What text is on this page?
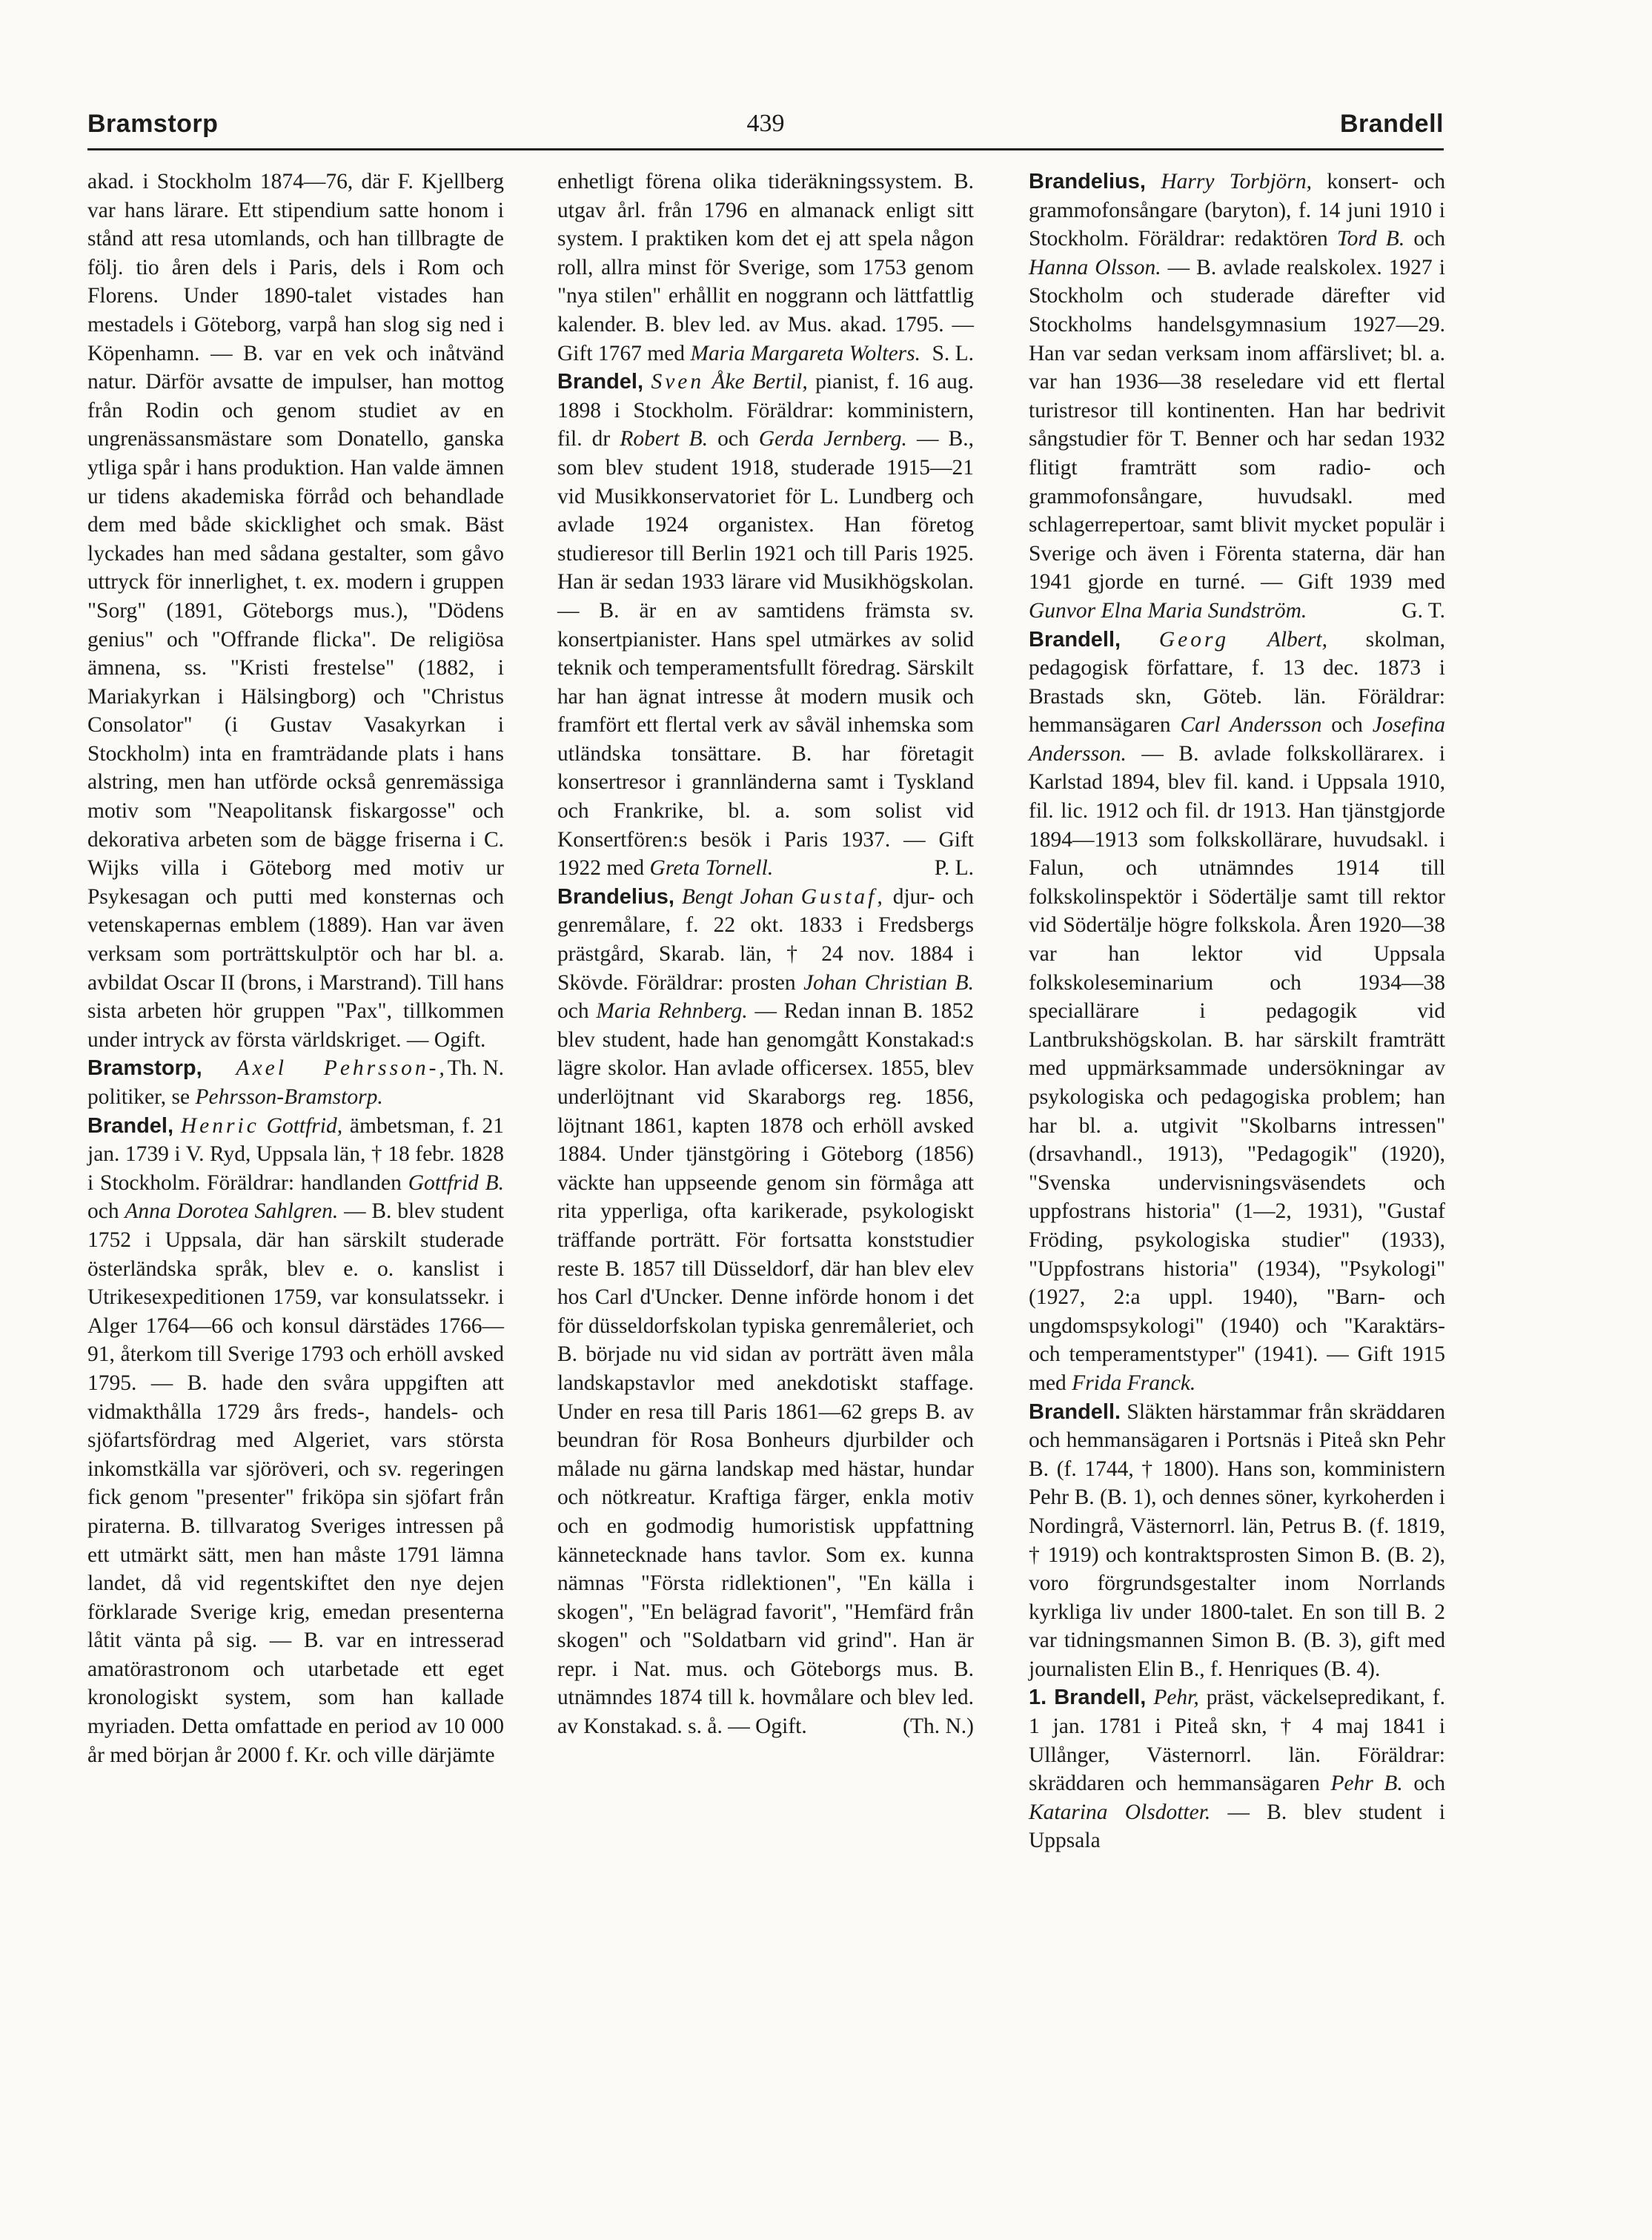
Bramstorp	439	Brandell

akad. i Stockholm 1874—76, där F. Kjellberg var hans lärare. Ett stipendium satte honom i stånd att resa utomlands, och han tillbragte de följ. tio åren dels i Paris, dels i Rom och Florens. Under 1890-talet vistades han mestadels i Göteborg, varpå han slog sig ned i Köpenhamn. — B. var en vek och inåtvänd natur. Därför avsatte de impulser, han mottog från Rodin och genom studiet av en ungrenässansmästare som Donatello, ganska ytliga spår i hans produktion. Han valde ämnen ur tidens akademiska förråd och behandlade dem med både skicklighet och smak. Bäst lyckades han med sådana gestalter, som gåvo uttryck för innerlighet, t. ex. modern i gruppen "Sorg" (1891, Göteborgs mus.), "Dödens genius" och "Offrande flicka". De religiösa ämnena, ss. "Kristi frestelse" (1882, i Mariakyrkan i Hälsingborg) och "Christus Consolator" (i Gustav Vasakyrkan i Stockholm) inta en framträdande plats i hans alstring, men han utförde också genremässiga motiv som "Neapolitansk fiskargosse" och dekorativa arbeten som de bägge friserna i C. Wijks villa i Göteborg med motiv ur Psykesagan och putti med konsternas och vetenskapernas emblem (1889). Han var även verksam som porträttskulptör och har bl. a. avbildat Oscar II (brons, i Marstrand). Till hans sista arbeten hör gruppen "Pax", tillkommen under intryck av första världskriget. — Ogift.
Th. N.

Bramstorp, Axel Pehrsson-, politiker, se Pehrsson-Bramstorp.

Brandel, Henric Gottfrid, ämbetsman, f. 21 jan. 1739 i V. Ryd, Uppsala län, † 18 febr. 1828 i Stockholm. Föräldrar: handlanden Gottfrid B. och Anna Dorotea Sahlgren. — B. blev student 1752 i Uppsala, där han särskilt studerade österländska språk, blev e. o. kanslist i Utrikesexpeditionen 1759, var konsulatssekr. i Alger 1764—66 och konsul därstädes 1766—91, återkom till Sverige 1793 och erhöll avsked 1795. — B. hade den svåra uppgiften att vidmakthålla 1729 års freds-, handels- och sjöfartsfördrag med Algeriet, vars största inkomstkälla var sjöröveri, och sv. regeringen fick genom "presenter" friköpa sin sjöfart från piraterna. B. tillvaratog Sveriges intressen på ett utmärkt sätt, men han måste 1791 lämna landet, då vid regentskiftet den nye dejen förklarade Sverige krig, emedan presenterna låtit vänta på sig. — B. var en intresserad amatörastronom och utarbetade ett eget kronologiskt system, som han kallade myriaden. Detta omfattade en period av 10 000 år med början år 2000 f. Kr. och ville därjämte

enhetligt förena olika tideräkningssystem. B. utgav årl. från 1796 en almanack enligt sitt system. I praktiken kom det ej att spela någon roll, allra minst för Sverige, som 1753 genom "nya stilen" erhållit en noggrann och lättfattlig kalender. B. blev led. av Mus. akad. 1795. — Gift 1767 med Maria Margareta Wolters. S. L.

Brandel, Sven Åke Bertil, pianist, f. 16 aug. 1898 i Stockholm. Föräldrar: komministern, fil. dr Robert B. och Gerda Jernberg. — B., som blev student 1918, studerade 1915—21 vid Musikkonservatoriet för L. Lundberg och avlade 1924 organistex. Han företog studieresor till Berlin 1921 och till Paris 1925. Han är sedan 1933 lärare vid Musikhögskolan. — B. är en av samtidens främsta sv. konsertpianister. Hans spel utmärkes av solid teknik och temperamentsfullt föredrag. Särskilt har han ägnat intresse åt modern musik och framfört ett flertal verk av såväl inhemska som utländska tonsättare. B. har företagit konsertresor i grannländerna samt i Tyskland och Frankrike, bl. a. som solist vid Konsertfören:s besök i Paris 1937. — Gift 1922 med Greta Tornell.	P. L.

Brandelius, Bengt Johan Gustaf, djur- och genremålare, f. 22 okt. 1833 i Fredsbergs prästgård, Skarab. län, † 24 nov. 1884 i Skövde. Föräldrar: prosten Johan Christian B. och Maria Rehnberg. — Redan innan B. 1852 blev student, hade han genomgått Konstakad:s lägre skolor. Han avlade officersex. 1855, blev underlöjtnant vid Skaraborgs reg. 1856, löjtnant 1861, kapten 1878 och erhöll avsked 1884. Under tjänstgöring i Göteborg (1856) väckte han uppseende genom sin förmåga att rita ypperliga, ofta karikerade, psykologiskt träffande porträtt. För fortsatta konststudier reste B. 1857 till Düsseldorf, där han blev elev hos Carl d'Uncker. Denne införde honom i det för düsseldorfskolan typiska genremåleriet, och B. började nu vid sidan av porträtt även måla landskapstavlor med anekdotiskt staffage. Under en resa till Paris 1861—62 greps B. av beundran för Rosa Bonheurs djurbilder och målade nu gärna landskap med hästar, hundar och nötkreatur. Kraftiga färger, enkla motiv och en godmodig humoristisk uppfattning kännetecknade hans tavlor. Som ex. kunna nämnas "Första ridlektionen", "En källa i skogen", "En belägrad favorit", "Hemfärd från skogen" och "Soldatbarn vid grind". Han är repr. i Nat. mus. och Göteborgs mus. B. utnämndes 1874 till k. hovmålare och blev led. av Konstakad. s. å. — Ogift.	(Th. N.)

Brandelius, Harry Torbjörn, konsert- och grammofonsångare (baryton), f. 14 juni 1910 i Stockholm. Föräldrar: redaktören Tord B. och Hanna Olsson. — B. avlade realskolex. 1927 i Stockholm och studerade därefter vid Stockholms handelsgymnasium 1927—29. Han var sedan verksam inom affärslivet; bl. a. var han 1936—38 reseledare vid ett flertal turistresor till kontinenten. Han har bedrivit sångstudier för T. Benner och har sedan 1932 flitigt framträtt som radio- och grammofonsångare, huvudsakl. med schlagerrepertoar, samt blivit mycket populär i Sverige och även i Förenta staterna, där han 1941 gjorde en turné. — Gift 1939 med Gunvor Elna Maria Sundström.	G. T.

Brandell, Georg Albert, skolman, pedagogisk författare, f. 13 dec. 1873 i Brastads skn, Göteb. län. Föräldrar: hemmansägaren Carl Andersson och Josefina Andersson. — B. avlade folkskollärarex. i Karlstad 1894, blev fil. kand. i Uppsala 1910, fil. lic. 1912 och fil. dr 1913. Han tjänstgjorde 1894—1913 som folkskollärare, huvudsakl. i Falun, och utnämndes 1914 till folkskolinspektör i Södertälje samt till rektor vid Södertälje högre folkskola. Åren 1920—38 var han lektor vid Uppsala folkskoleseminarium och 1934—38 speciallärare i pedagogik vid Lantbrukshögskolan. B. har särskilt framträtt med uppmärksammade undersökningar av psykologiska och pedagogiska problem; han har bl. a. utgivit "Skolbarns intressen" (drsavhandl., 1913), "Pedagogik" (1920), "Svenska undervisningsväsendets och uppfostrans historia" (1—2, 1931), "Gustaf Fröding, psykologiska studier" (1933), "Uppfostrans historia" (1934), "Psykologi" (1927, 2:a uppl. 1940), "Barn- och ungdomspsykologi" (1940) och "Karaktärs- och temperamentstyper" (1941). — Gift 1915 med Frida Franck.

Brandell. Släkten härstammar från skräddaren och hemmansägaren i Portsnäs i Piteå skn Pehr B. (f. 1744, † 1800). Hans son, komministern Pehr B. (B. 1), och dennes söner, kyrkoherden i Nordingrå, Västernorrl. län, Petrus B. (f. 1819, † 1919) och kontraktsprosten Simon B. (B. 2), voro förgrundsgestalter inom Norrlands kyrkliga liv under 1800-talet. En son till B. 2 var tidningsmannen Simon B. (B. 3), gift med journalisten Elin B., f. Henriques (B. 4).

1. Brandell, Pehr, präst, väckelsepredikant, f. 1 jan. 1781 i Piteå skn, † 4 maj 1841 i Ullånger, Västernorrl. län. Föräldrar: skräddaren och hemmansägaren Pehr B. och Katarina Olsdotter. — B. blev student i Uppsala
